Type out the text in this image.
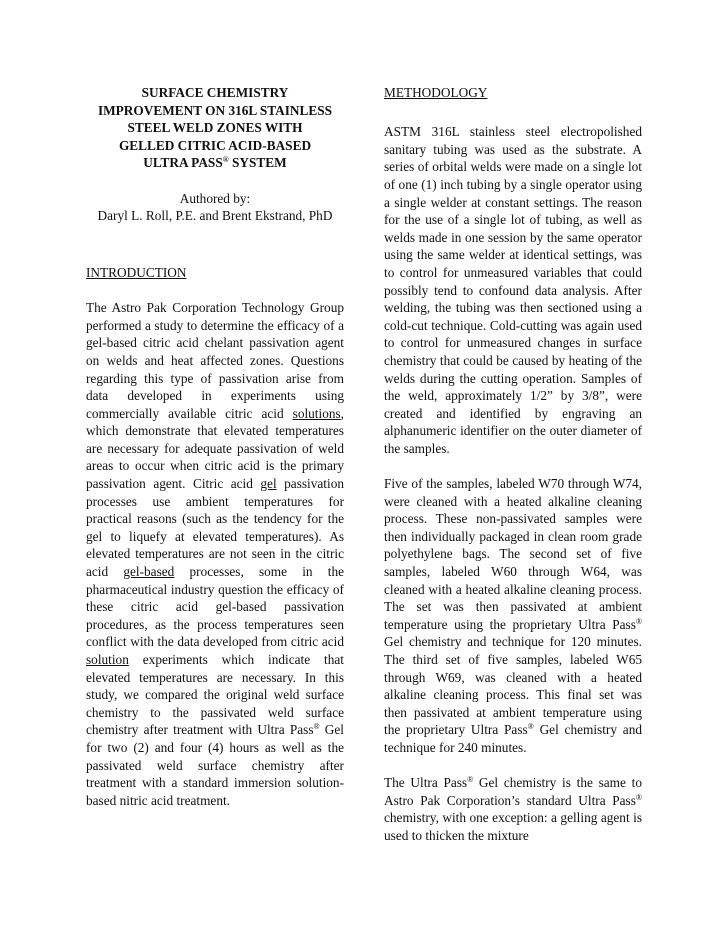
SURFACE CHEMISTRY

IMPROVEMENT ON 316L STAINLESS

STEEL WELD ZONES WITH

GELLED CITRIC ACID-BASED

ULTRA PASS® SYSTEM

Authored by:

Daryl L. Roll, P.E. and Brent Ekstrand, PhD

INTRODUCTION

The Astro Pak Corporation Technology Group performed a study to determine the efficacy of a gel-based citric acid chelant passivation agent on welds and heat affected zones. Questions regarding this type of passivation arise from data developed in experiments using commercially available citric acid solutions, which demonstrate that elevated temperatures are necessary for adequate passivation of weld areas to occur when citric acid is the primary passivation agent. Citric acid gel passivation processes use ambient temperatures for practical reasons (such as the tendency for the gel to liquefy at elevated temperatures). As elevated temperatures are not seen in the citric acid gel-based processes, some in the pharmaceutical industry question the efficacy of these citric acid gel-based passivation procedures, as the process temperatures seen conflict with the data developed from citric acid solution experiments which indicate that elevated temperatures are necessary. In this study, we compared the original weld surface chemistry to the passivated weld surface chemistry after treatment with Ultra Pass® Gel for two (2) and four (4) hours as well as the passivated weld surface chemistry after treatment with a standard immersion solution-based nitric acid treatment.

METHODOLOGY

ASTM 316L stainless steel electropolished sanitary tubing was used as the substrate. A series of orbital welds were made on a single lot of one (1) inch tubing by a single operator using a single welder at constant settings. The reason for the use of a single lot of tubing, as well as welds made in one session by the same operator using the same welder at identical settings, was to control for unmeasured variables that could possibly tend to confound data analysis. After welding, the tubing was then sectioned using a cold-cut technique. Cold-cutting was again used to control for unmeasured changes in surface chemistry that could be caused by heating of the welds during the cutting operation. Samples of the weld, approximately 1/2” by 3/8”, were created and identified by engraving an alphanumeric identifier on the outer diameter of the samples.

Five of the samples, labeled W70 through W74, were cleaned with a heated alkaline cleaning process. These non-passivated samples were then individually packaged in clean room grade polyethylene bags. The second set of five samples, labeled W60 through W64, was cleaned with a heated alkaline cleaning process. The set was then passivated at ambient temperature using the proprietary Ultra Pass® Gel chemistry and technique for 120 minutes. The third set of five samples, labeled W65 through W69, was cleaned with a heated alkaline cleaning process. This final set was then passivated at ambient temperature using the proprietary Ultra Pass® Gel chemistry and technique for 240 minutes.

The Ultra Pass® Gel chemistry is the same to Astro Pak Corporation’s standard Ultra Pass® chemistry, with one exception: a gelling agent is used to thicken the mixture
